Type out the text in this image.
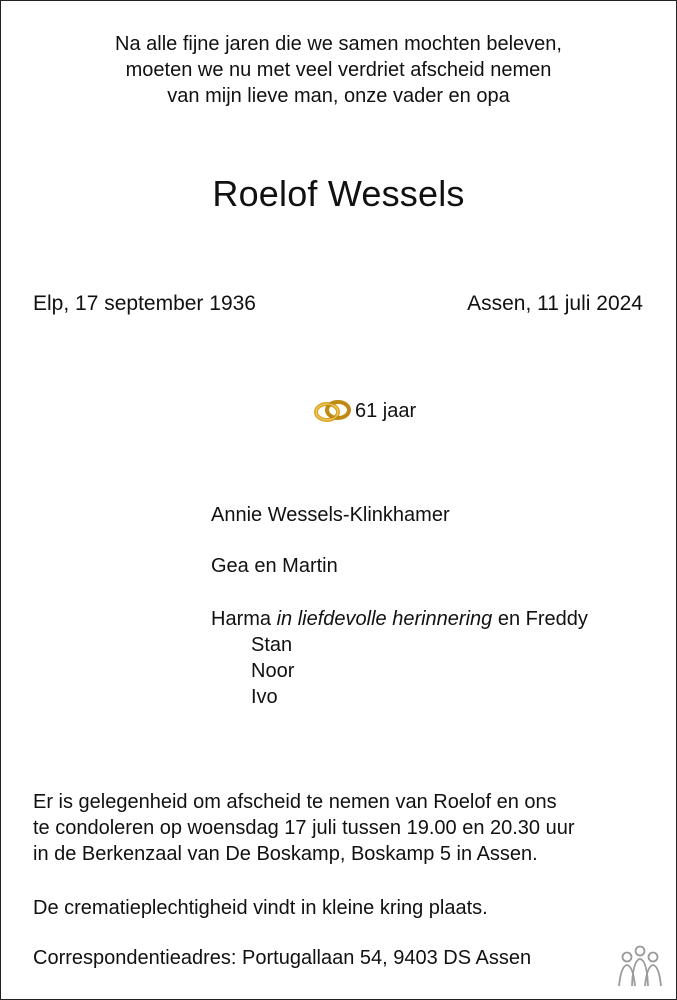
Na alle fijne jaren die we samen mochten beleven,
moeten we nu met veel verdriet afscheid nemen
van mijn lieve man, onze vader en opa
Roelof Wessels
Elp, 17 september 1936	Assen, 11 juli 2024
61 jaar
Annie Wessels-Klinkhamer
Gea en Martin
Harma in liefdevolle herinnering en Freddy
Stan
Noor
Ivo
Er is gelegenheid om afscheid te nemen van Roelof en ons
te condoleren op woensdag 17 juli tussen 19.00 en 20.30 uur
in de Berkenzaal van De Boskamp, Boskamp 5 in Assen.
De crematieplechtigheid vindt in kleine kring plaats.
Correspondentieadres: Portugallaan 54, 9403 DS Assen
